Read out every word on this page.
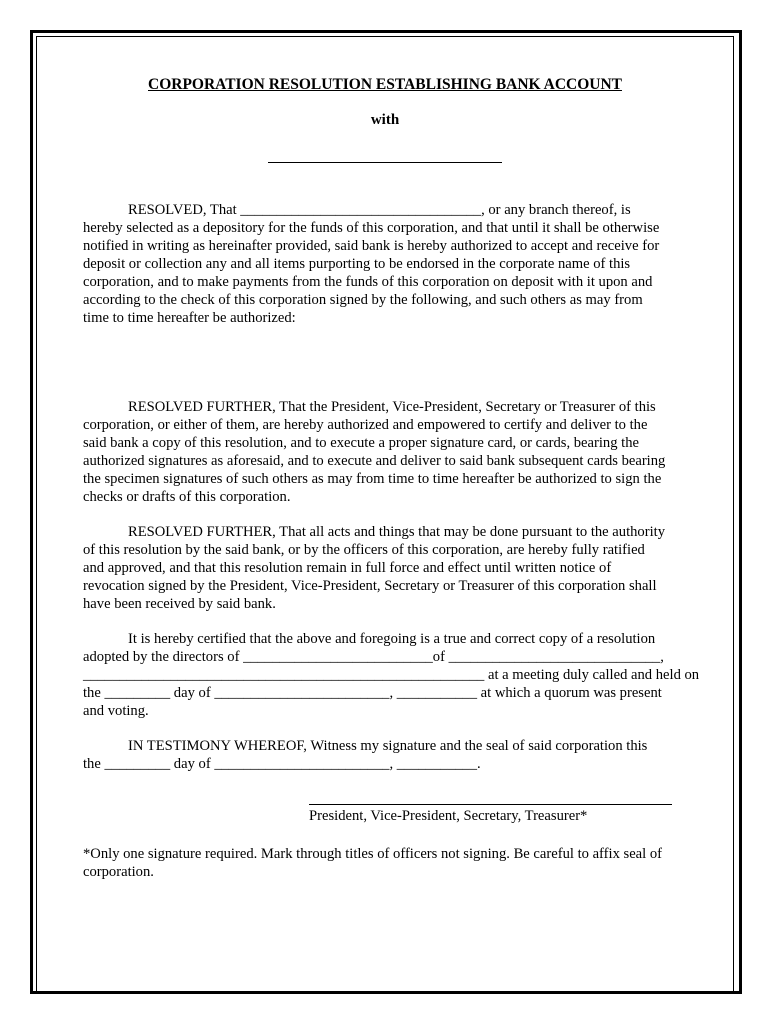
CORPORATION RESOLUTION ESTABLISHING BANK ACCOUNT
with
RESOLVED, That _________________________________, or any branch thereof, is
hereby selected as a depository for the funds of this corporation, and that until it shall be otherwise
notified in writing as hereinafter provided, said bank is hereby authorized to accept and receive for
deposit or collection any and all items purporting to be endorsed in the corporate name of this
corporation, and to make payments from the funds of this corporation on deposit with it upon and
according to the check of this corporation signed by the following, and such others as may from
time to time hereafter be authorized:
RESOLVED FURTHER, That the President, Vice-President, Secretary or Treasurer of this
corporation, or either of them, are hereby authorized and empowered to certify and deliver to the
said bank a copy of this resolution, and to execute a proper signature card, or cards, bearing the
authorized signatures as aforesaid, and to execute and deliver to said bank subsequent cards bearing
the specimen signatures of such others as may from time to time hereafter be authorized to sign the
checks or drafts of this corporation.
RESOLVED FURTHER, That all acts and things that may be done pursuant to the authority
of this resolution by the said bank, or by the officers of this corporation, are hereby fully ratified
and approved, and that this resolution remain in full force and effect until written notice of
revocation signed by the President, Vice-President, Secretary or Treasurer of this corporation shall
have been received by said bank.
It is hereby certified that the above and foregoing is a true and correct copy of a resolution
adopted by the directors of __________________________of _____________________________,
_______________________________________________________ at a meeting duly called and held on
the _________ day of ________________________, ___________ at which a quorum was present
and voting.
IN TESTIMONY WHEREOF, Witness my signature and the seal of said corporation this
the _________ day of ________________________, ___________.
President, Vice-President, Secretary, Treasurer*
*Only one signature required. Mark through titles of officers not signing. Be careful to affix seal of
corporation.
